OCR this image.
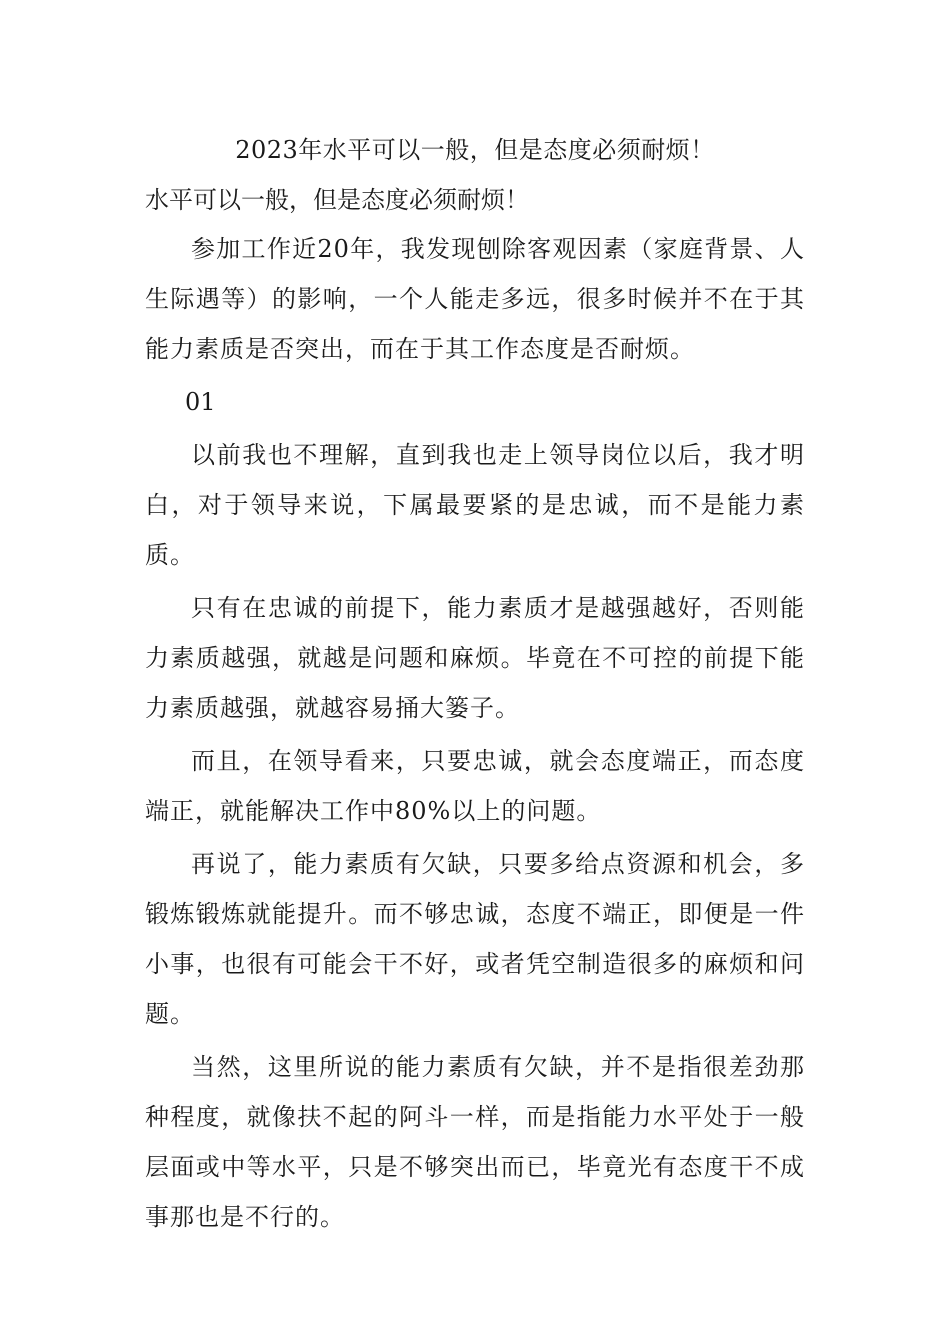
2023年水平可以一般，但是态度必须耐烦！

水平可以一般，但是态度必须耐烦！

参加工作近20年，我发现刨除客观因素（家庭背景、人生际遇等）的影响，一个人能走多远，很多时候并不在于其能力素质是否突出，而在于其工作态度是否耐烦。

01

以前我也不理解，直到我也走上领导岗位以后，我才明白，对于领导来说，下属最要紧的是忠诚，而不是能力素质。

只有在忠诚的前提下，能力素质才是越强越好，否则能力素质越强，就越是问题和麻烦。毕竟在不可控的前提下能力素质越强，就越容易捅大篓子。

而且，在领导看来，只要忠诚，就会态度端正，而态度端正，就能解决工作中80%以上的问题。

再说了，能力素质有欠缺，只要多给点资源和机会，多锻炼锻炼就能提升。而不够忠诚，态度不端正，即便是一件小事，也很有可能会干不好，或者凭空制造很多的麻烦和问题。

当然，这里所说的能力素质有欠缺，并不是指很差劲那种程度，就像扶不起的阿斗一样，而是指能力水平处于一般层面或中等水平，只是不够突出而已，毕竟光有态度干不成事那也是不行的。
